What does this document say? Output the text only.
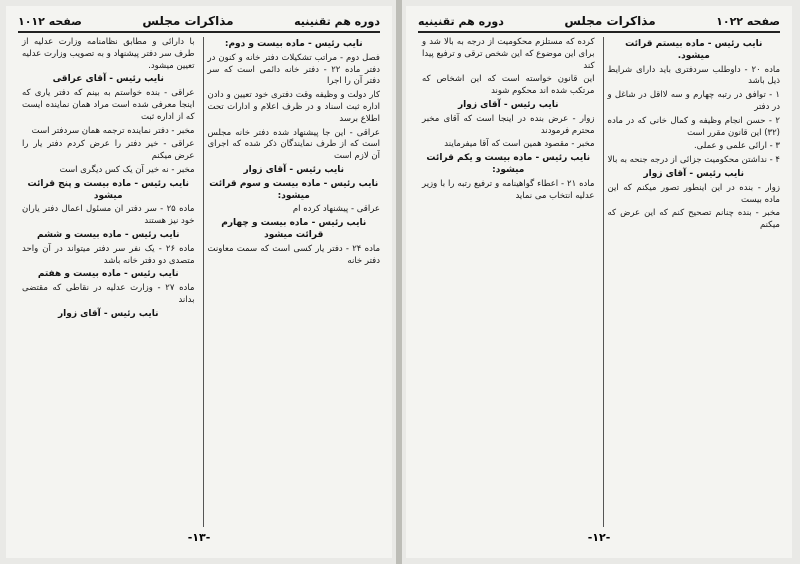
دوره هم تقنینیه
مذاکرات مجلس
صفحه ۱۰۱۲

نایب رئیس - ماده بیست و دوم:

فصل دوم - مراتب تشکیلات دفتر خانه و کنون در دفتر ماده ۲۲ - دفتر خانه دائمی است که سر دفتر آن را اجرا

کار دولت و وظیفه وقت دفتری خود تعیین و دادن اداره ثبت اسناد و در ظرف اعلام و ادارات تحت اطلاع برسد

عراقی - این جا پیشنهاد شده دفتر خانه مجلس است که از طرف نمایندگان ذکر شده که اجرای آن لازم است

نایب رئیس - آقای زوار

نایب رئیس - ماده بیست و سوم قرائت میشود:

عراقی - پیشنهاد کرده ام

نایب رئیس - ماده بیست و چهارم قرائت میشود

ماده ۲۴ - دفتر یار کسی است که سمت معاونت دفتر خانه

با دارائی و مطابق نظامنامه وزارت عدلیه از طرف سر دفتر پیشنهاد و به تصویب وزارت عدلیه تعیین میشود.

نایب رئیس - آقای عراقی

عراقی - بنده خواستم به بینم که دفتر یاری که اینجا معرفی شده است مراد همان نماینده ایست که از اداره ثبت

مخبر - دفتر نماینده ترجمه همان سردفتر است

عراقی - خیر دفتر را عرض کردم دفتر یار را عرض میکنم

مخبر - نه خیر آن یک کس دیگری است

نایب رئیس - ماده بیست و پنج قرائت میشود

ماده ۲۵ - سر دفتر ان مسئول اعمال دفتر یاران خود نیز هستند

نایب رئیس - ماده بیست و ششم

ماده ۲۶ - یک نفر سر دفتر میتواند در آن واحد متصدی دو دفتر خانه باشد

نایب رئیس - ماده بیست و هفتم

ماده ۲۷ - وزارت عدلیه در نقاطی که مقتضی بداند

نایب رئیس - آقای زوار

-۱۳-
صفحه ۱۰۲۲
مذاکرات مجلس
دوره هم تقنینیه

نایب رئیس - ماده بیستم قرائت میشود.

ماده ۲۰ - داوطلب سردفتری باید دارای شرایط ذیل باشد

۱ - توافق در رتبه چهارم و سه لااقل در شاغل و در دفتر

۲ - حسن انجام وظیفه و کمال خانی که در ماده (۳۲) این قانون مقرر است

۳ - ارائی علمی و عملی.

۴ - نداشتن محکومیت جزائی از درجه جنحه به بالا

نایب رئیس - آقای زوار

زوار - بنده در این اینطور تصور میکنم که این ماده بیست

مخبر - بنده چنانم تصحیح کنم که این عرض که میکنم

کرده که مستلزم محکومیت از درجه به بالا شد و برای این موضوع که این شخص ترقی و ترفیع پیدا کند

این قانون خواسته است که این اشخاص که مرتکب شده اند محکوم شوند

نایب رئیس - آقای زوار

زوار - عرض بنده در اینجا است که آقای مخبر محترم فرمودند

مخبر - مقصود همین است که آقا میفرمایند

نایب رئیس - ماده بیست و یکم قرائت میشود:

ماده ۲۱ - اعطاء گواهینامه و ترفیع رتبه را با وزیر عدلیه انتخاب می نماید

-۱۲-
